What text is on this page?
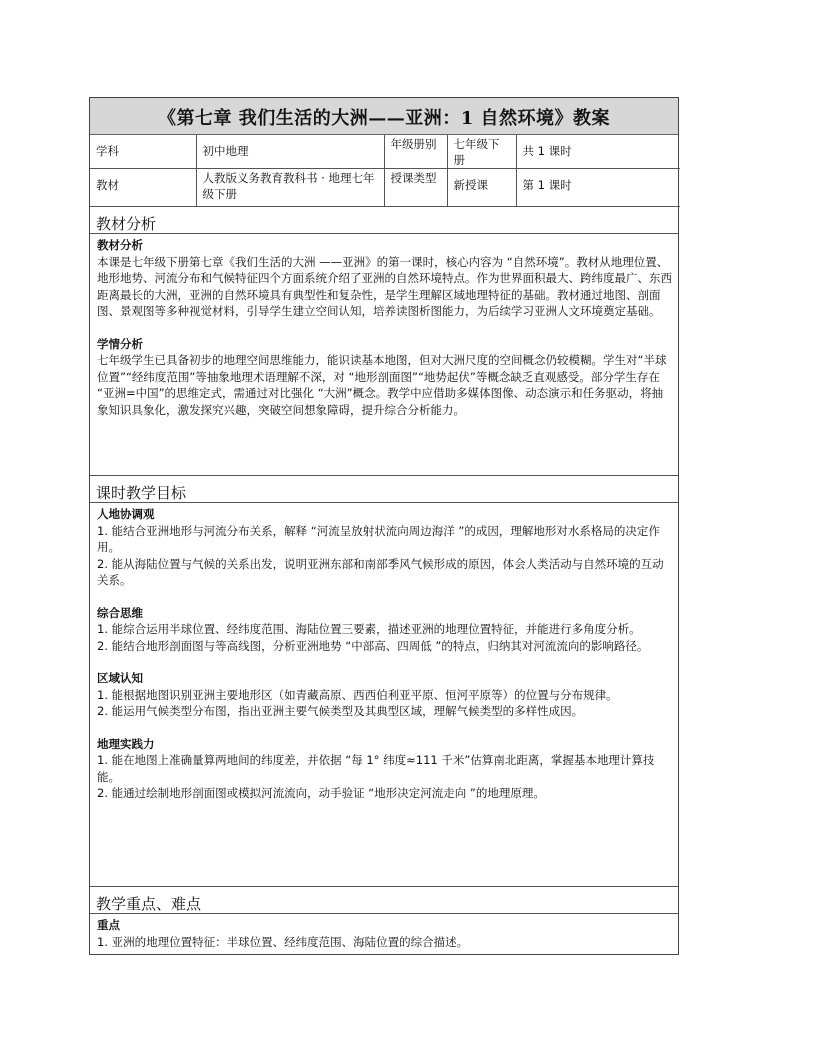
《第七章 我们生活的大洲——亚洲：1 自然环境》教案
学科	初中地理	年级册别	七年级下册	共 1 课时
教材	人教版义务教育教科书 · 地理七年级下册	授课类型	新授课	第 1 课时
教材分析
教材分析

本课是七年级下册第七章《我们生活的大洲 ——亚洲》的第一课时，核心内容为 “自然环境”。教材从地理位置、地形地势、河流分布和气候特征四个方面系统介绍了亚洲的自然环境特点。作为世界面积最大、跨纬度最广、东西距离最长的大洲，亚洲的自然环境具有典型性和复杂性，是学生理解区域地理特征的基础。教材通过地图、剖面图、景观图等多种视觉材料，引导学生建立空间认知，培养读图析图能力，为后续学习亚洲人文环境奠定基础。

学情分析

七年级学生已具备初步的地理空间思维能力，能识读基本地图，但对大洲尺度的空间概念仍较模糊。学生对“半球位置”“经纬度范围”等抽象地理术语理解不深，对 “地形剖面图”“地势起伏”等概念缺乏直观感受。部分学生存在 “亚洲=中国”的思维定式，需通过对比强化 “大洲”概念。教学中应借助多媒体图像、动态演示和任务驱动，将抽象知识具象化，激发探究兴趣，突破空间想象障碍，提升综合分析能力。

课时教学目标
人地协调观

1. 能结合亚洲地形与河流分布关系，解释 “河流呈放射状流向周边海洋 ”的成因，理解地形对水系格局的决定作用。

2. 能从海陆位置与气候的关系出发，说明亚洲东部和南部季风气候形成的原因，体会人类活动与自然环境的互动关系。

综合思维

1. 能综合运用半球位置、经纬度范围、海陆位置三要素，描述亚洲的地理位置特征，并能进行多角度分析。

2. 能结合地形剖面图与等高线图，分析亚洲地势 “中部高、四周低 ”的特点，归纳其对河流流向的影响路径。

区域认知

1. 能根据地图识别亚洲主要地形区（如青藏高原、西西伯利亚平原、恒河平原等）的位置与分布规律。

2. 能运用气候类型分布图，指出亚洲主要气候类型及其典型区域，理解气候类型的多样性成因。

地理实践力

1. 能在地图上准确量算两地间的纬度差，并依据 “每 1° 纬度≈111 千米”估算南北距离，掌握基本地理计算技能。

2. 能通过绘制地形剖面图或模拟河流流向，动手验证 “地形决定河流走向 ”的地理原理。

教学重点、难点
重点

1. 亚洲的地理位置特征：半球位置、经纬度范围、海陆位置的综合描述。
